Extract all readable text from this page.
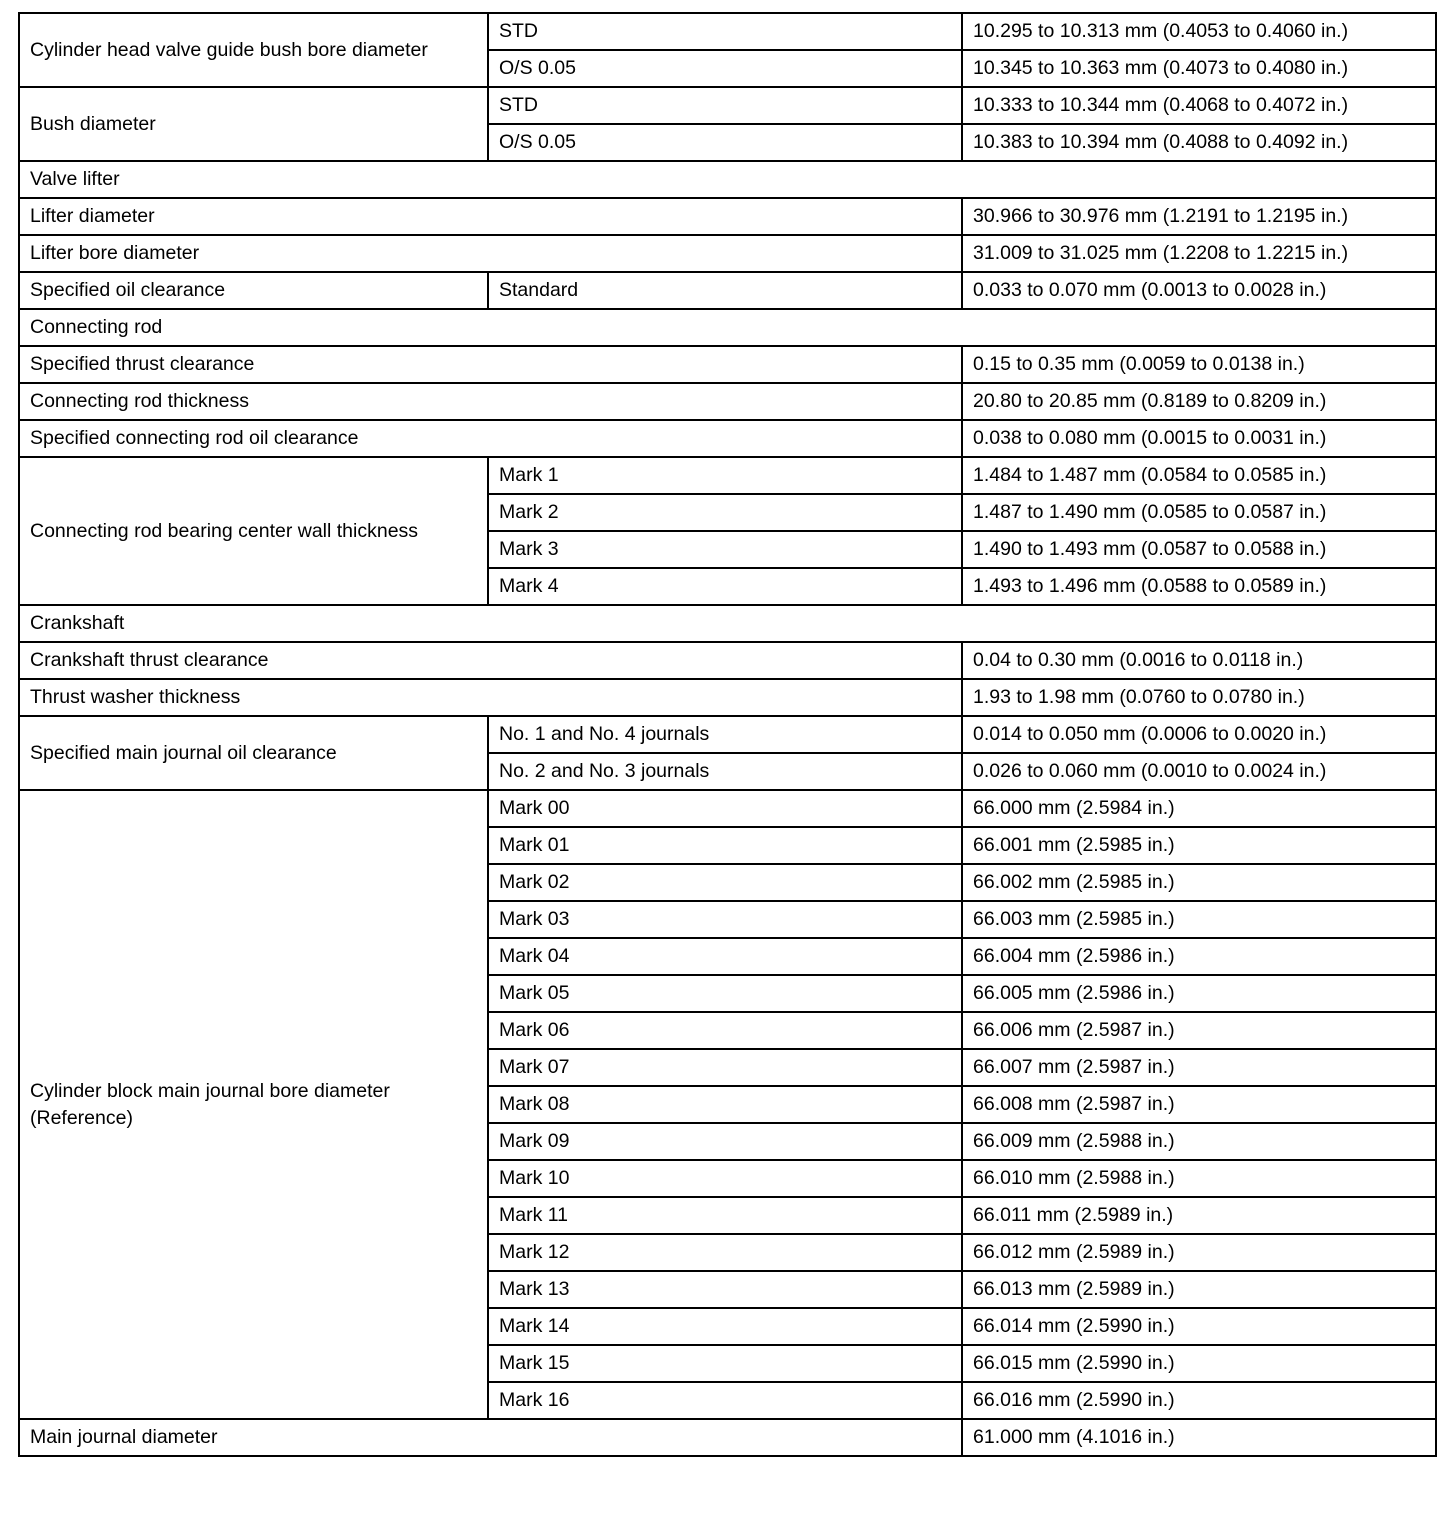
Cylinder head valve guide bush bore diameter	STD	10.295 to 10.313 mm (0.4053 to 0.4060 in.)
	O/S 0.05	10.345 to 10.363 mm (0.4073 to 0.4080 in.)
Bush diameter	STD	10.333 to 10.344 mm (0.4068 to 0.4072 in.)
	O/S 0.05	10.383 to 10.394 mm (0.4088 to 0.4092 in.)
Valve lifter		
Lifter diameter		30.966 to 30.976 mm (1.2191 to 1.2195 in.)
Lifter bore diameter		31.009 to 31.025 mm (1.2208 to 1.2215 in.)
Specified oil clearance	Standard	0.033 to 0.070 mm (0.0013 to 0.0028 in.)
Connecting rod		
Specified thrust clearance		0.15 to 0.35 mm (0.0059 to 0.0138 in.)
Connecting rod thickness		20.80 to 20.85 mm (0.8189 to 0.8209 in.)
Specified connecting rod oil clearance		0.038 to 0.080 mm (0.0015 to 0.0031 in.)
Connecting rod bearing center wall thickness	Mark 1	1.484 to 1.487 mm (0.0584 to 0.0585 in.)
	Mark 2	1.487 to 1.490 mm (0.0585 to 0.0587 in.)
	Mark 3	1.490 to 1.493 mm (0.0587 to 0.0588 in.)
	Mark 4	1.493 to 1.496 mm (0.0588 to 0.0589 in.)
Crankshaft		
Crankshaft thrust clearance		0.04 to 0.30 mm (0.0016 to 0.0118 in.)
Thrust washer thickness		1.93 to 1.98 mm (0.0760 to 0.0780 in.)
Specified main journal oil clearance	No. 1 and No. 4 journals	0.014 to 0.050 mm (0.0006 to 0.0020 in.)
	No. 2 and No. 3 journals	0.026 to 0.060 mm (0.0010 to 0.0024 in.)
Cylinder block main journal bore diameter (Reference)	Mark 00	66.000 mm (2.5984 in.)
	Mark 01	66.001 mm (2.5985 in.)
	Mark 02	66.002 mm (2.5985 in.)
	Mark 03	66.003 mm (2.5985 in.)
	Mark 04	66.004 mm (2.5986 in.)
	Mark 05	66.005 mm (2.5986 in.)
	Mark 06	66.006 mm (2.5987 in.)
	Mark 07	66.007 mm (2.5987 in.)
	Mark 08	66.008 mm (2.5987 in.)
	Mark 09	66.009 mm (2.5988 in.)
	Mark 10	66.010 mm (2.5988 in.)
	Mark 11	66.011 mm (2.5989 in.)
	Mark 12	66.012 mm (2.5989 in.)
	Mark 13	66.013 mm (2.5989 in.)
	Mark 14	66.014 mm (2.5990 in.)
	Mark 15	66.015 mm (2.5990 in.)
	Mark 16	66.016 mm (2.5990 in.)
Main journal diameter		61.000 mm (4.1016 in.)
